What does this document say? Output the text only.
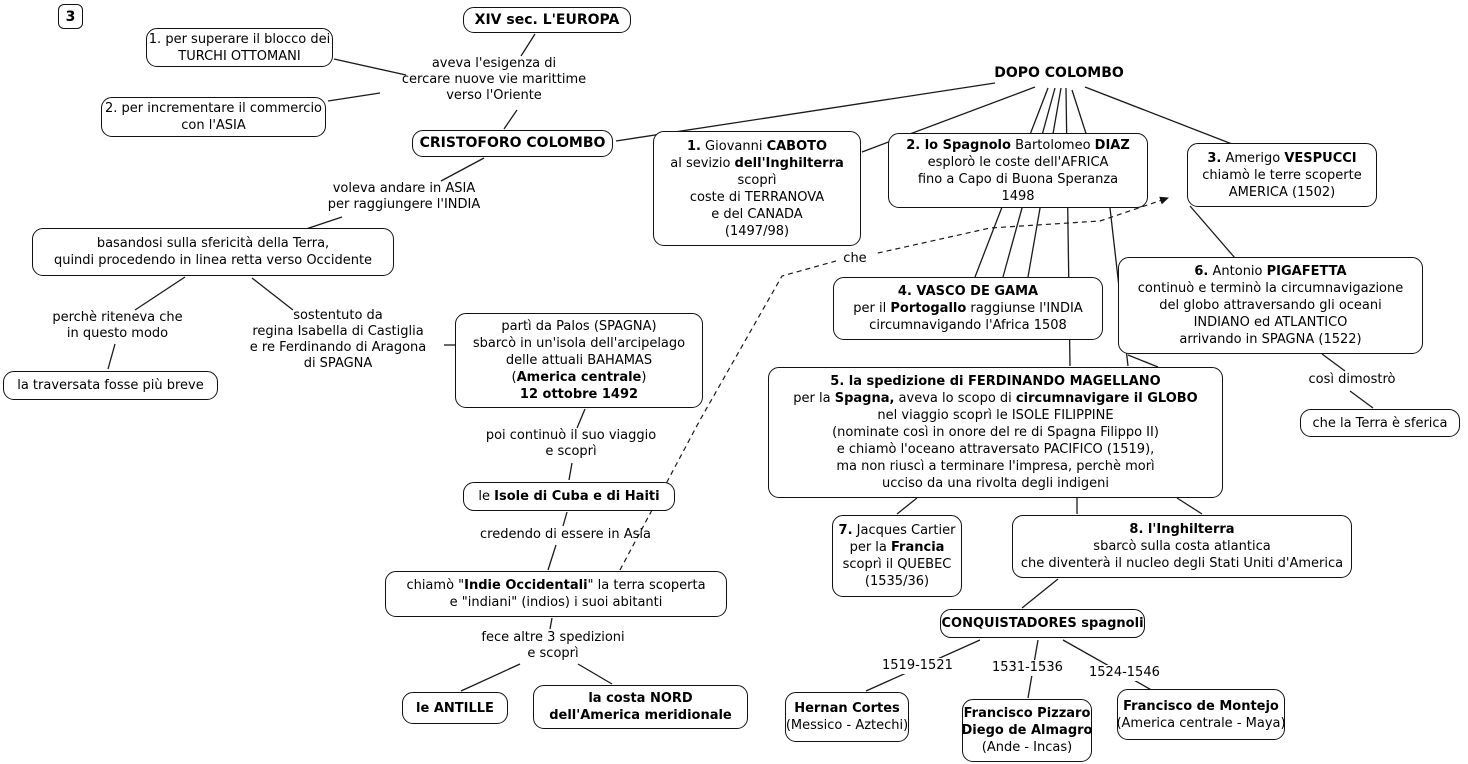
3
1. per superare il blocco dei
TURCHI OTTOMANI
XIV sec. L'EUROPA
aveva l'esigenza di
cercare nuove vie marittime
verso l'Oriente
2. per incrementare il commercio
con l'ASIA
CRISTOFORO COLOMBO
voleva andare in ASIA
per raggiungere l'INDIA
basandosi sulla sfericità della Terra,
quindi procedendo in linea retta verso Occidente
perchè riteneva che
in questo modo
sostentuto da
regina Isabella di Castiglia
e re Ferdinando di Aragona
di SPAGNA
la traversata fosse più breve
partì da Palos (SPAGNA)
sbarcò in un'isola dell'arcipelago
delle attuali BAHAMAS
(America centrale)
12 ottobre 1492
poi continuò il suo viaggio
e scoprì
le Isole di Cuba e di Haiti
credendo di essere in Asia
chiamò "Indie Occidentali" la terra scoperta
e "indiani" (indios) i suoi abitanti
fece altre 3 spedizioni
e scoprì
le ANTILLE
la costa NORD
dell'America meridionale
DOPO COLOMBO
1. Giovanni CABOTO
al sevizio dell'Inghilterra
scoprì
coste di TERRANOVA
e del CANADA
(1497/98)
2. lo Spagnolo Bartolomeo DIAZ
esplorò le coste dell'AFRICA
fino a Capo di Buona Speranza
1498
3. Amerigo VESPUCCI
chiamò le terre scoperte
AMERICA (1502)
che
4. VASCO DE GAMA
per il Portogallo raggiunse l'INDIA
circumnavigando l'Africa 1508
6. Antonio PIGAFETTA
continuò e terminò la circumnavigazione
del globo attraversando gli oceani
INDIANO ed ATLANTICO
arrivando in SPAGNA (1522)
5. la spedizione di FERDINANDO MAGELLANO
per la Spagna, aveva lo scopo di circumnavigare il GLOBO
nel viaggio scoprì le ISOLE FILIPPINE
(nominate così in onore del re di Spagna Filippo II)
e chiamò l'oceano attraversato PACIFICO (1519),
ma non riuscì a terminare l'impresa, perchè morì
ucciso da una rivolta degli indigeni
così dimostrò
che la Terra è sferica
7. Jacques Cartier
per la Francia
scoprì il QUEBEC
(1535/36)
8. l'Inghilterra
sbarcò sulla costa atlantica
che diventerà il nucleo degli Stati Uniti d'America
CONQUISTADORES spagnoli
1519-1521	1531-1536 1524-1546
Hernan Cortes
(Messico - Aztechi)
Francisco Pizzaro
Diego de Almagro
(Ande - Incas)
Francisco de Montejo
(America centrale - Maya)
